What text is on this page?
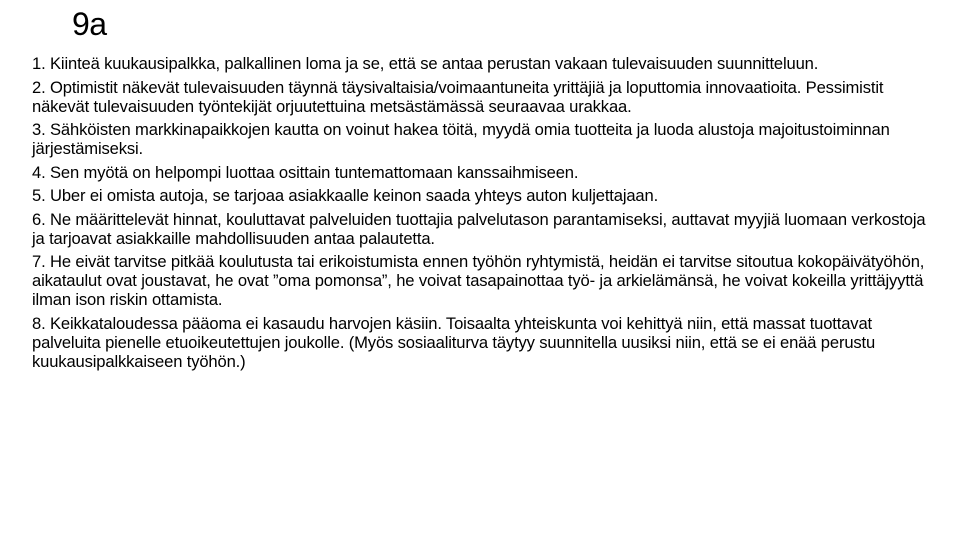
9a
1. Kiinteä kuukausipalkka, palkallinen loma ja se, että se antaa perustan vakaan tulevaisuuden suunnitteluun.
2. Optimistit näkevät tulevaisuuden täynnä täysivaltaisia/voimaantuneita yrittäjiä ja loputtomia innovaatioita. Pessimistit näkevät tulevaisuuden työntekijät orjuutettuina metsästämässä seuraavaa urakkaa.
3. Sähköisten markkinapaikkojen kautta on voinut hakea töitä, myydä omia tuotteita ja luoda alustoja majoitustoiminnan järjestämiseksi.
4. Sen myötä on helpompi luottaa osittain tuntemattomaan kanssaihmiseen.
5. Uber ei omista autoja, se tarjoaa asiakkaalle keinon saada yhteys auton kuljettajaan.
6. Ne määrittelevät hinnat, kouluttavat palveluiden tuottajia palvelutason parantamiseksi, auttavat myyjiä luomaan verkostoja ja tarjoavat asiakkaille mahdollisuuden antaa palautetta.
7. He eivät tarvitse pitkää koulutusta tai erikoistumista ennen työhön ryhtymistä, heidän ei tarvitse sitoutua kokopäivätyöhön, aikataulut ovat joustavat, he ovat ”oma pomonsa”, he voivat tasapainottaa työ- ja arkielämänsä, he voivat kokeilla yrittäjyyttä ilman ison riskin ottamista.
8. Keikkataloudessa pääoma ei kasaudu harvojen käsiin. Toisaalta yhteiskunta voi kehittyä niin, että massat tuottavat palveluita pienelle etuoikeutettujen joukolle. (Myös sosiaaliturva täytyy suunnitella uusiksi niin, että se ei enää perustu kuukausipalkkaiseen työhön.)
